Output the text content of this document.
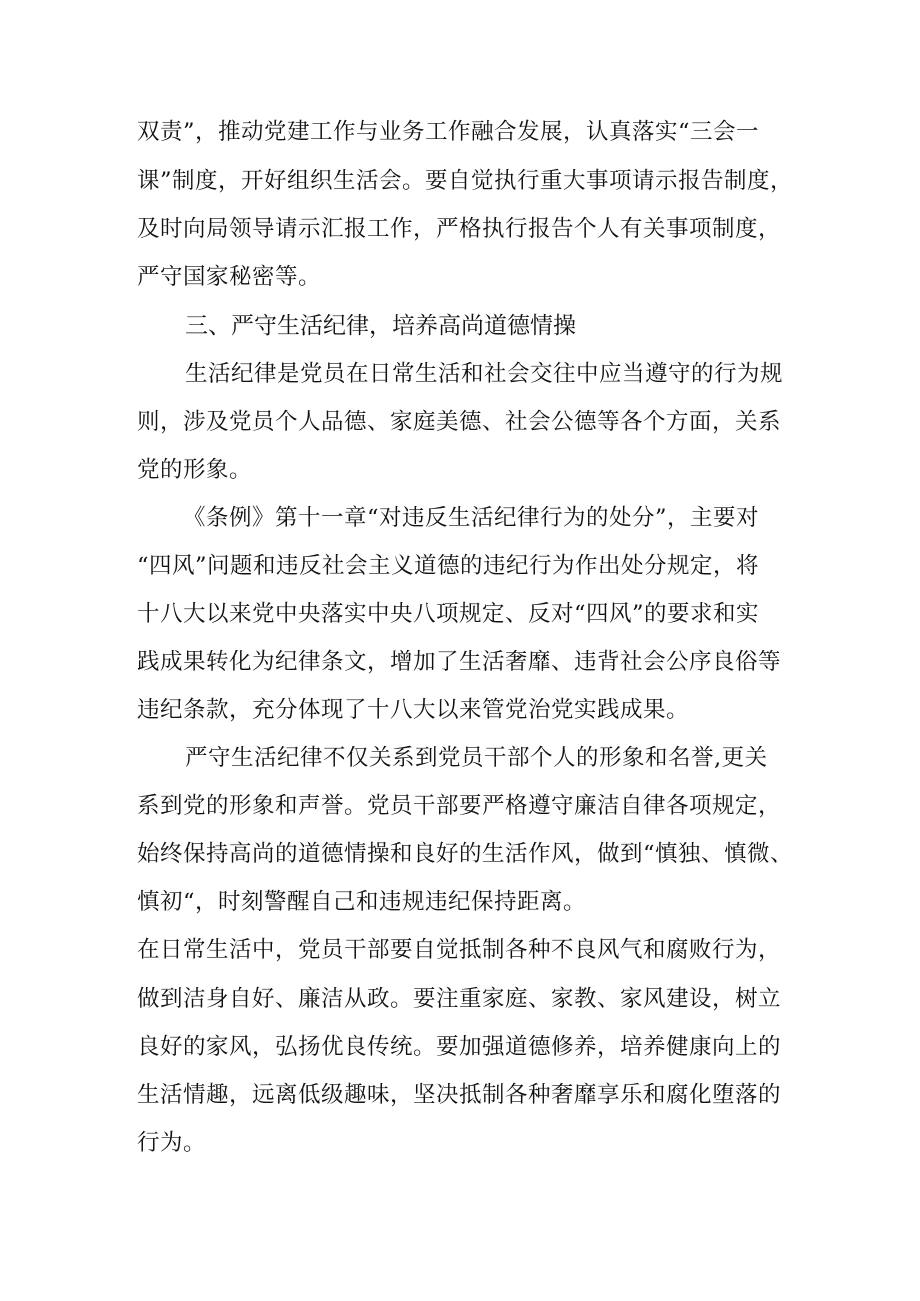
双责”，推动党建工作与业务工作融合发展，认真落实“三会一
课”制度，开好组织生活会。要自觉执行重大事项请示报告制度，
及时向局领导请示汇报工作，严格执行报告个人有关事项制度，
严守国家秘密等。
三、严守生活纪律，培养高尚道德情操
生活纪律是党员在日常生活和社会交往中应当遵守的行为规
则，涉及党员个人品德、家庭美德、社会公德等各个方面，关系
党的形象。
《条例》第十一章“对违反生活纪律行为的处分”，主要对
“四风”问题和违反社会主义道德的违纪行为作出处分规定，将
十八大以来党中央落实中央八项规定、反对“四风”的要求和实
践成果转化为纪律条文，增加了生活奢靡、违背社会公序良俗等
违纪条款，充分体现了十八大以来管党治党实践成果。
严守生活纪律不仅关系到党员干部个人的形象和名誉,更关
系到党的形象和声誉。党员干部要严格遵守廉洁自律各项规定，
始终保持高尚的道德情操和良好的生活作风，做到“慎独、慎微、
慎初“，时刻警醒自己和违规违纪保持距离。
在日常生活中，党员干部要自觉抵制各种不良风气和腐败行为，
做到洁身自好、廉洁从政。要注重家庭、家教、家风建设，树立
良好的家风，弘扬优良传统。要加强道德修养，培养健康向上的
生活情趣，远离低级趣味，坚决抵制各种奢靡享乐和腐化堕落的
行为。
